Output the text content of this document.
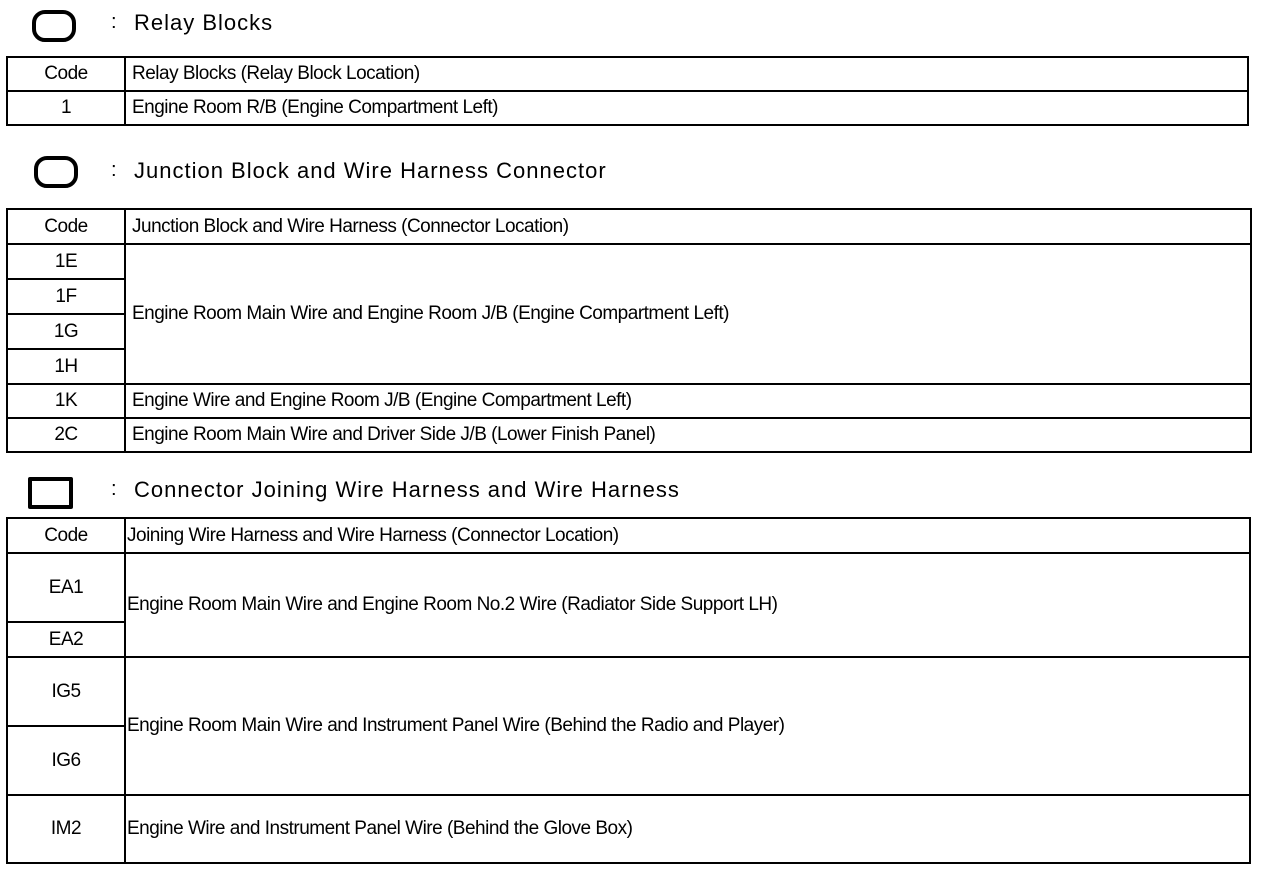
: Relay Blocks
Code	Relay Blocks (Relay Block Location)
1	Engine Room R/B (Engine Compartment Left)
: Junction Block and Wire Harness Connector
Code	Junction Block and Wire Harness (Connector Location)
1E	Engine Room Main Wire and Engine Room J/B (Engine Compartment Left)
1F	
1G	
1H	
1K	Engine Wire and Engine Room J/B (Engine Compartment Left)
2C	Engine Room Main Wire and Driver Side J/B (Lower Finish Panel)
: Connector Joining Wire Harness and Wire Harness
Code	Joining Wire Harness and Wire Harness (Connector Location)
EA1	Engine Room Main Wire and Engine Room No.2 Wire (Radiator Side Support LH)
EA2	
IG5	Engine Room Main Wire and Instrument Panel Wire (Behind the Radio and Player)
IG6	
IM2	Engine Wire and Instrument Panel Wire (Behind the Glove Box)
